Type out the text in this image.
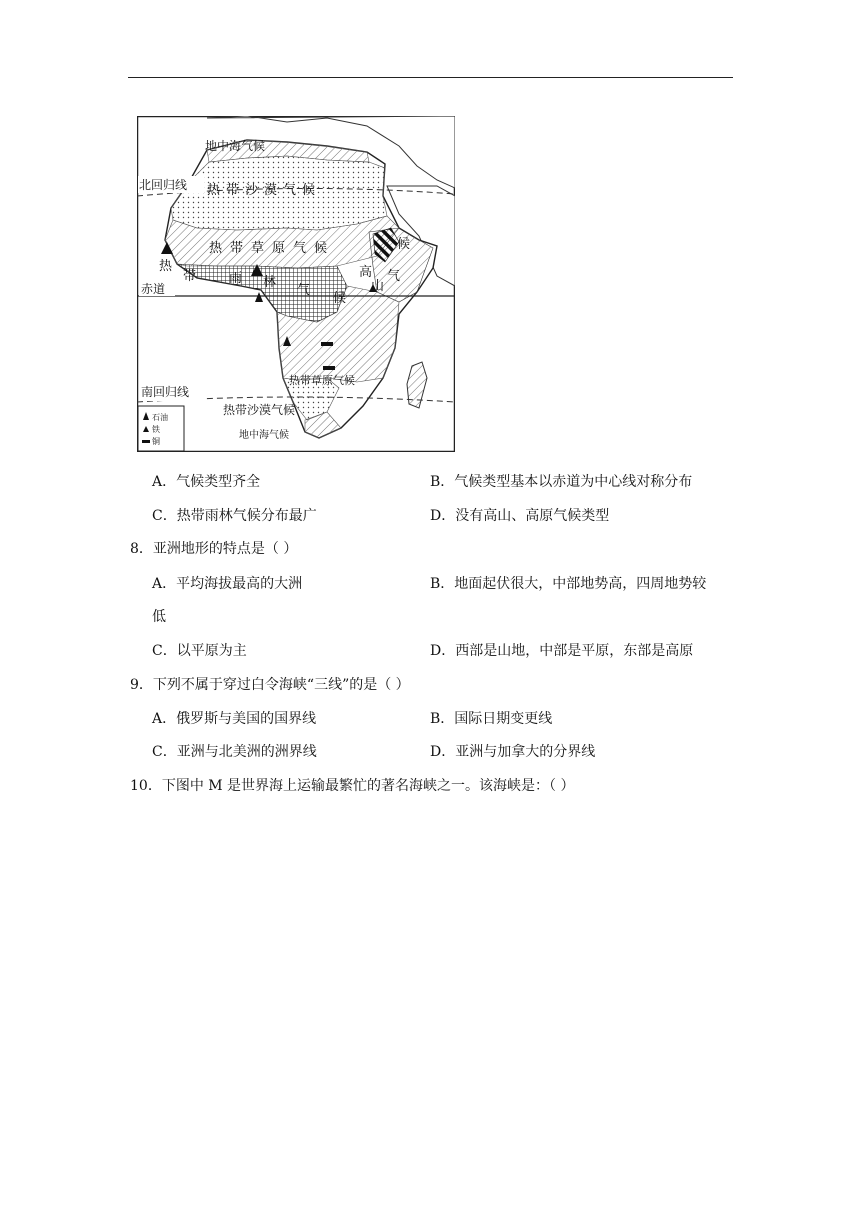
地中海气候
北回归线 热带沙漠气候
热带草原气候
热
带	雨 林
气
候
赤道
高
山
气
候
南回归线
热带草原气候
热带沙漠气候
地中海气候
石油
铁
铜
A．气候类型齐全	B．气候类型基本以赤道为中心线对称分布
C．热带雨林气候分布最广	D．没有高山、高原气候类型
8．亚洲地形的特点是（ ）
A．平均海拔最高的大洲	B．地面起伏很大，中部地势高，四周地势较
低
C．以平原为主	D．西部是山地，中部是平原，东部是高原
9．下列不属于穿过白令海峡“三线”的是（ ）
A．俄罗斯与美国的国界线	B．国际日期变更线
C．亚洲与北美洲的洲界线	D．亚洲与加拿大的分界线
10．下图中 M 是世界海上运输最繁忙的著名海峡之一。该海峡是：（ ）
